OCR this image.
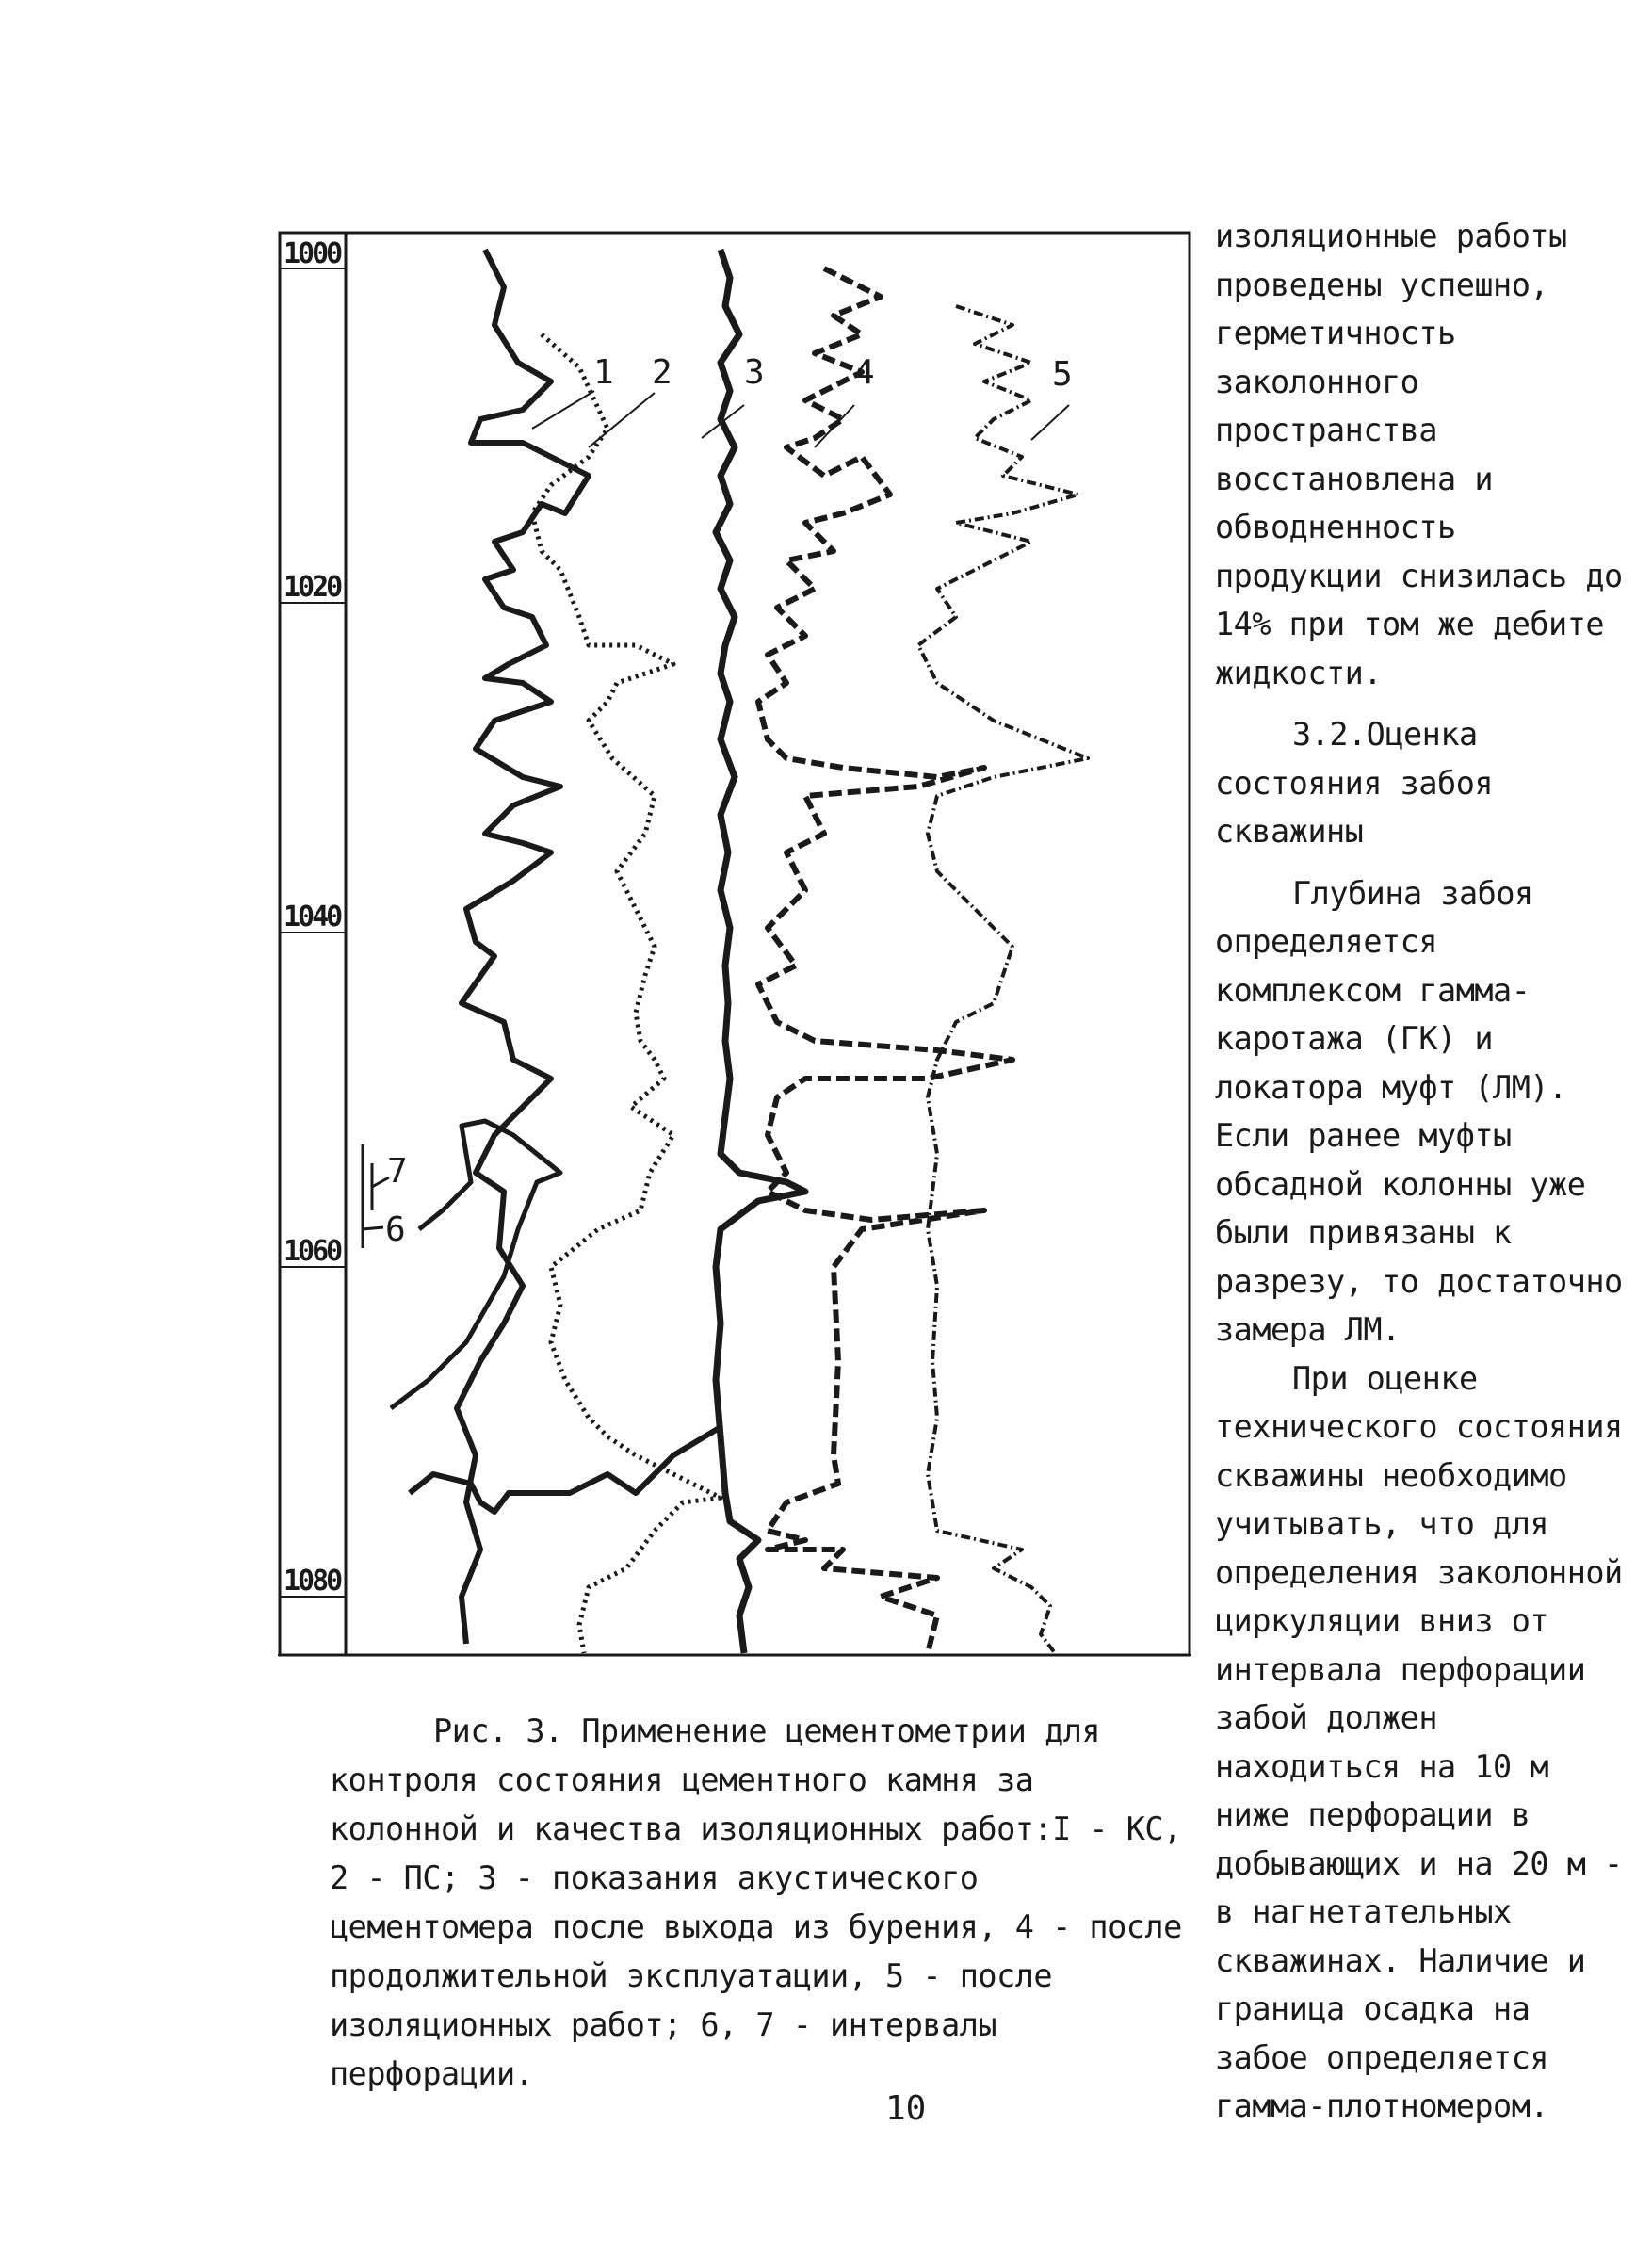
1000
1020
1040
1060
1080
1 2 3	4	5
7
6

изоляционные работы проведены успешно, герметичность заколонного пространства восстановлена и обводненность продукции снизилась до 14% при том же дебите жидкости.

3.2.Оценка состояния забоя скважины

Глубина забоя определяется комплексом гамма-каротажа (ГК) и локатора муфт (ЛМ). Если ранее муфты обсадной колонны уже были привязаны к разрезу, то достаточно замера ЛМ.

При оценке технического состояния скважины необходимо учитывать, что для определения заколонной циркуляции вниз от интервала перфорации забой должен находиться на 10 м ниже перфорации в добывающих и на 20 м - в нагнетательных скважинах. Наличие и граница осадка на забое определяется гамма-плотномером.

Рис. 3. Применение цементометрии для контроля состояния цементного камня за колонной и качества изоляционных работ:I - КС, 2 - ПС; 3 - показания акустического цементомера после выхода из бурения, 4 - после продолжительной эксплуатации, 5 - после изоляционных работ; 6, 7 - интервалы перфорации.
10
